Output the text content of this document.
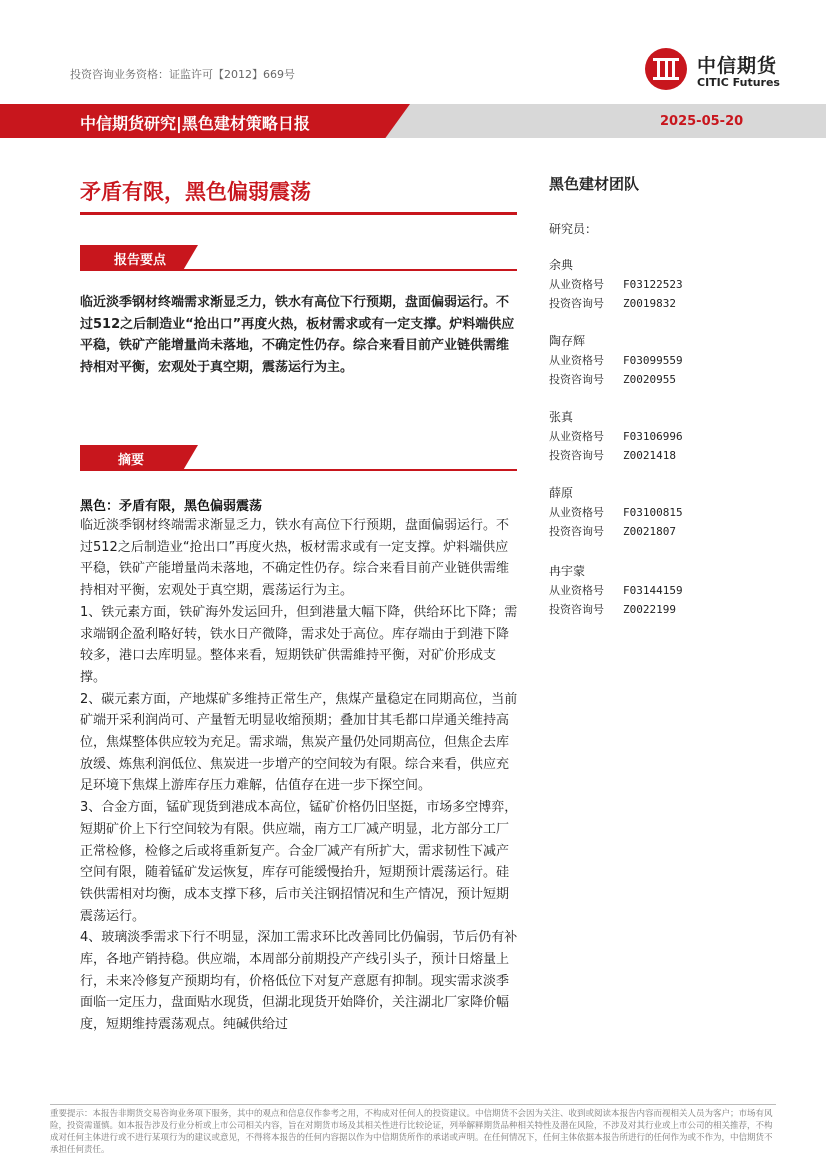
投资咨询业务资格：证监许可【2012】669号	中信期货
CITIC Futures
中信期货研究|黑色建材策略日报	2025-05-20
矛盾有限，黑色偏弱震荡
报告要点
临近淡季钢材终端需求渐显乏力，铁水有高位下行预期，盘面偏弱运行。不过512之后制造业“抢出口”再度火热，板材需求或有一定支撑。炉料端供应平稳，铁矿产能增量尚未落地，不确定性仍存。综合来看目前产业链供需维持相对平衡，宏观处于真空期，震荡运行为主。
摘要
黑色：矛盾有限，黑色偏弱震荡

临近淡季钢材终端需求渐显乏力，铁水有高位下行预期，盘面偏弱运行。不过512之后制造业“抢出口”再度火热，板材需求或有一定支撑。炉料端供应平稳，铁矿产能增量尚未落地，不确定性仍存。综合来看目前产业链供需维持相对平衡，宏观处于真空期，震荡运行为主。

1、铁元素方面，铁矿海外发运回升，但到港量大幅下降，供给环比下降；需求端钢企盈利略好转，铁水日产微降，需求处于高位。库存端由于到港下降较多，港口去库明显。整体来看，短期铁矿供需維持平衡，对矿价形成支撑。

2、碳元素方面，产地煤矿多维持正常生产，焦煤产量稳定在同期高位，当前矿端开采利润尚可、产量暂无明显收缩预期；叠加甘其毛都口岸通关维持高位，焦煤整体供应较为充足。需求端，焦炭产量仍处同期高位，但焦企去库放缓、炼焦利润低位、焦炭进一步增产的空间较为有限。综合来看，供应充足环境下焦煤上游库存压力难解，估值存在进一步下探空间。

3、合金方面，锰矿现货到港成本高位，锰矿价格仍旧坚挺，市场多空博弈，短期矿价上下行空间较为有限。供应端，南方工厂减产明显，北方部分工厂正常检修，检修之后或将重新复产。合金厂减产有所扩大，需求韧性下减产空间有限，随着锰矿发运恢复，库存可能缓慢抬升，短期预计震荡运行。硅铁供需相对均衡，成本支撑下移，后市关注钢招情况和生产情况，预计短期震荡运行。

4、玻璃淡季需求下行不明显，深加工需求环比改善同比仍偏弱，节后仍有补库，各地产销持稳。供应端，本周部分前期投产产线引头子，预计日熔量上行，未来冷修复产预期均有，价格低位下对复产意愿有抑制。现实需求淡季面临一定压力，盘面贴水现货，但湖北现货开始降价，关注湖北厂家降价幅度，短期维持震荡观点。纯碱供给过

黑色建材团队
研究员：
余典
从业资格号 F03122523
投资咨询号 Z0019832
陶存辉
从业资格号 F03099559
投资咨询号 Z0020955
张真
从业资格号 F03106996
投资咨询号 Z0021418
薛原
从业资格号 F03100815
投资咨询号 Z0021807
冉宇蒙
从业资格号 F03144159
投资咨询号 Z0022199
重要提示：本报告非期货交易咨询业务项下服务，其中的观点和信息仅作参考之用，不构成对任何人的投资建议。中信期货不会因为关注、收到或阅读本报告内容而视相关人员为客户；市场有风险，投资需谨慎。如本报告涉及行业分析或上市公司相关内容，旨在对期货市场及其相关性进行比较论证，列举解释期货品种相关特性及潜在风险，不涉及对其行业或上市公司的相关推荐，不构成对任何主体进行或不进行某项行为的建议或意见，不得将本报告的任何内容据以作为中信期货所作的承诺或声明。在任何情况下，任何主体依据本报告所进行的任何作为或不作为，中信期货不承担任何责任。
